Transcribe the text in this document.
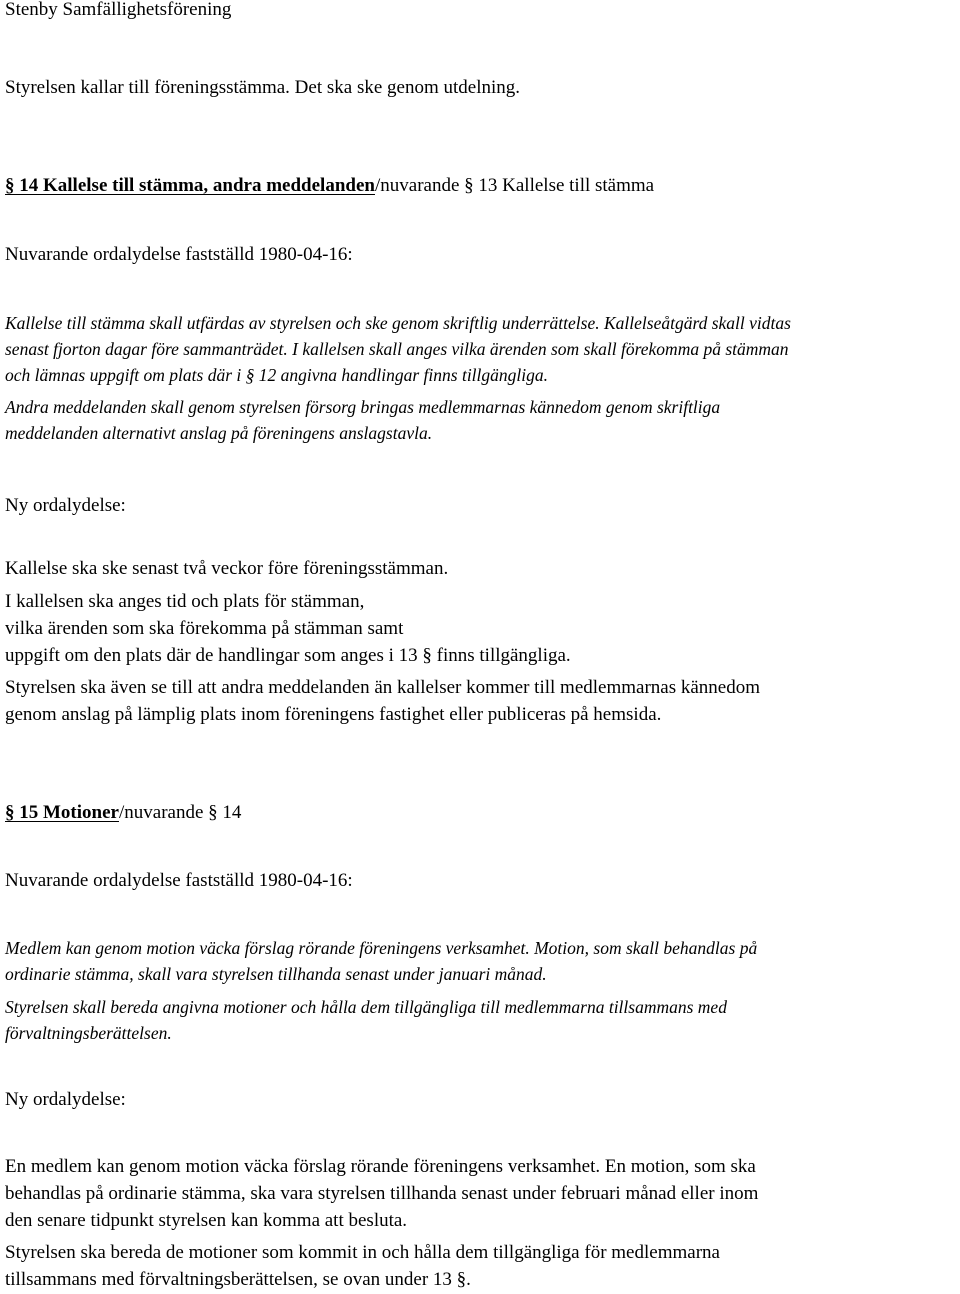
Stenby Samfällighetsförening
Styrelsen kallar till föreningsstämma. Det ska ske genom utdelning.
§ 14 Kallelse till stämma, andra meddelanden/nuvarande § 13 Kallelse till stämma
Nuvarande ordalydelse fastställd 1980-04-16:
Kallelse till stämma skall utfärdas av styrelsen och ske genom skriftlig underrättelse. Kallelseåtgärd skall vidtas
senast fjorton dagar före sammanträdet. I kallelsen skall anges vilka ärenden som skall förekomma på stämman
och lämnas uppgift om plats där i § 12 angivna handlingar finns tillgängliga.
Andra meddelanden skall genom styrelsen försorg bringas medlemmarnas kännedom genom skriftliga
meddelanden alternativt anslag på föreningens anslagstavla.
Ny ordalydelse:
Kallelse ska ske senast två veckor före föreningsstämman.
I kallelsen ska anges tid och plats för stämman,
vilka ärenden som ska förekomma på stämman samt
uppgift om den plats där de handlingar som anges i 13 § finns tillgängliga.
Styrelsen ska även se till att andra meddelanden än kallelser kommer till medlemmarnas kännedom
genom anslag på lämplig plats inom föreningens fastighet eller publiceras på hemsida.
§ 15 Motioner/nuvarande § 14
Nuvarande ordalydelse fastställd 1980-04-16:
Medlem kan genom motion väcka förslag rörande föreningens verksamhet. Motion, som skall behandlas på
ordinarie stämma, skall vara styrelsen tillhanda senast under januari månad.
Styrelsen skall bereda angivna motioner och hålla dem tillgängliga till medlemmarna tillsammans med
förvaltningsberättelsen.
Ny ordalydelse:
En medlem kan genom motion väcka förslag rörande föreningens verksamhet. En motion, som ska
behandlas på ordinarie stämma, ska vara styrelsen tillhanda senast under februari månad eller inom
den senare tidpunkt styrelsen kan komma att besluta.
Styrelsen ska bereda de motioner som kommit in och hålla dem tillgängliga för medlemmarna
tillsammans med förvaltningsberättelsen, se ovan under 13 §.
